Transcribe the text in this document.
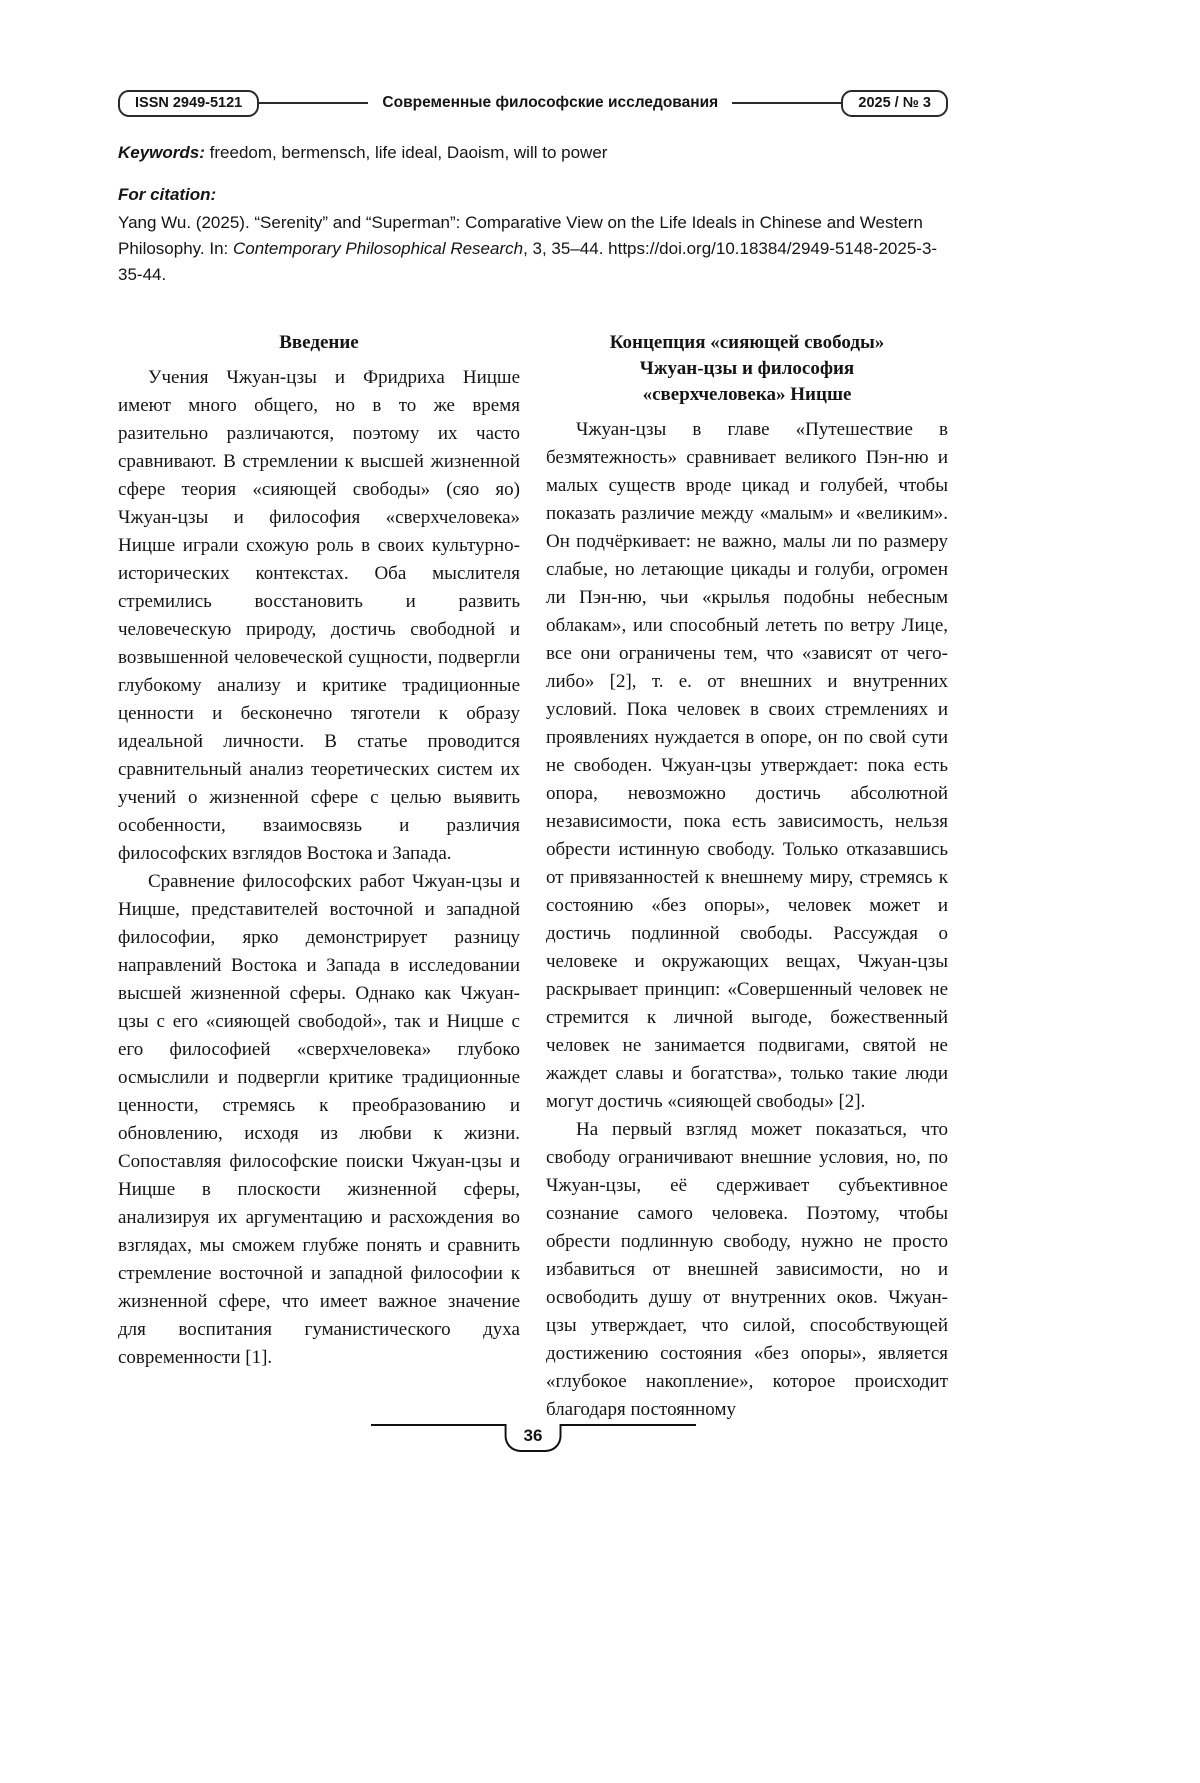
ISSN 2949-5121	Современные философские исследования	2025 / № 3

Keywords: freedom, bermensch, life ideal, Daoism, will to power

For citation:

Yang Wu. (2025). “Serenity” and “Superman”: Comparative View on the Life Ideals in Chinese and Western Philosophy. In: Contemporary Philosophical Research, 3, 35–44. https://doi.org/10.18384/2949-5148-2025-3-35-44.

Введение

Учения Чжуан-цзы и Фридриха Ницше имеют много общего, но в то же время разительно различаются, поэтому их часто сравнивают. В стремлении к высшей жизненной сфере теория «сияющей свободы» (сяо яо) Чжуан-цзы и философия «сверхчеловека» Ницше играли схожую роль в своих культурно-исторических контекстах. Оба мыслителя стремились восстановить и развить человеческую природу, достичь свободной и возвышенной человеческой сущности, подвергли глубокому анализу и критике традиционные ценности и бесконечно тяготели к образу идеальной личности. В статье проводится сравнительный анализ теоретических систем их учений о жизненной сфере с целью выявить особенности, взаимосвязь и различия философских взглядов Востока и Запада.

Сравнение философских работ Чжуан-цзы и Ницше, представителей восточной и западной философии, ярко демонстрирует разницу направлений Востока и Запада в исследовании высшей жизненной сферы. Однако как Чжуан-цзы с его «сияющей свободой», так и Ницше с его философией «сверхчеловека» глубоко осмыслили и подвергли критике традиционные ценности, стремясь к преобразованию и обновлению, исходя из любви к жизни. Сопоставляя философские поиски Чжуан-цзы и Ницше в плоскости жизненной сферы, анализируя их аргументацию и расхождения во взглядах, мы сможем глубже понять и сравнить стремление восточной и западной философии к жизненной сфере, что имеет важное значение для воспитания гуманистического духа современности [1].

Концепция «сияющей свободы» Чжуан-цзы и философия «сверхчеловека» Ницше

Чжуан-цзы в главе «Путешествие в безмятежность» сравнивает великого Пэн-ню и малых существ вроде цикад и голубей, чтобы показать различие между «малым» и «великим». Он подчёркивает: не важно, малы ли по размеру слабые, но летающие цикады и голуби, огромен ли Пэн-ню, чьи «крылья подобны небесным облакам», или способный лететь по ветру Лице, все они ограничены тем, что «зависят от чего-либо» [2], т. е. от внешних и внутренних условий. Пока человек в своих стремлениях и проявлениях нуждается в опоре, он по свой сути не свободен. Чжуан-цзы утверждает: пока есть опора, невозможно достичь абсолютной независимости, пока есть зависимость, нельзя обрести истинную свободу. Только отказавшись от привязанностей к внешнему миру, стремясь к состоянию «без опоры», человек может и достичь подлинной свободы. Рассуждая о человеке и окружающих вещах, Чжуан-цзы раскрывает принцип: «Совершенный человек не стремится к личной выгоде, божественный человек не занимается подвигами, святой не жаждет славы и богатства», только такие люди могут достичь «сияющей свободы» [2].

На первый взгляд может показаться, что свободу ограничивают внешние условия, но, по Чжуан-цзы, её сдерживает субъективное сознание самого человека. Поэтому, чтобы обрести подлинную свободу, нужно не просто избавиться от внешней зависимости, но и освободить душу от внутренних оков. Чжуан-цзы утверждает, что силой, способствующей достижению состояния «без опоры», является «глубокое накопление», которое происходит благодаря постоянному

36
